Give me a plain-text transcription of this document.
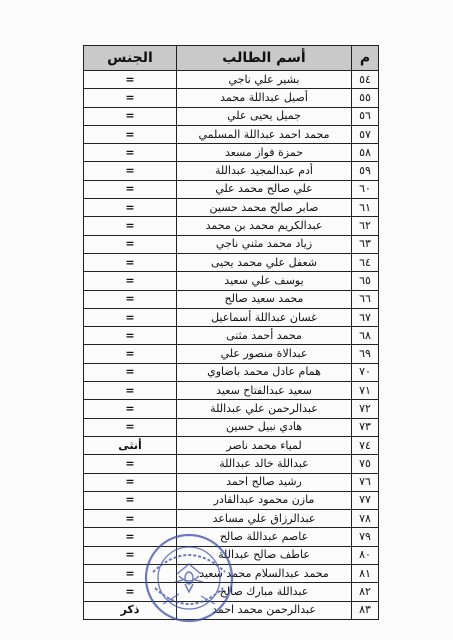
م	أسم الطالب	الجنس
٥٤	بشير علي ناجي	=
٥٥	أصيل عبداللة محمد	=
٥٦	جميل يحيى علي	=
٥٧	محمد احمد عبداللة المسلمي	=
٥٨	حمزة فواز مسعد	=
٥٩	أدم عبدالمجيد عبداللة	=
٦٠	علي صالح محمد علي	=
٦١	صابر صالح محمد حسين	=
٦٢	عبدالكريم محمد بن محمد	=
٦٣	زياد محمد مثني ناجي	=
٦٤	شعفل علي محمد يحيى	=
٦٥	يوسف علي سعيد	=
٦٦	محمد سعيد صالح	=
٦٧	غسان عبداللة أسماعيل	=
٦٨	محمد أحمد مثنى	=
٦٩	عبدالاة منصور علي	=
٧٠	همام عادل محمد باضاوي	=
٧١	سعيد عبدالفتاح سعيد	=
٧٢	عبدالرحمن علي عبداللة	=
٧٣	هادي نبيل حسين	=
٧٤	لمياء محمد ناصر	أنثى
٧٥	عبداللة خالد عبداللة	=
٧٦	رشيد صالح احمد	=
٧٧	مازن محمود عبدالقادر	=
٧٨	عبدالرزاق علي مساعد	=
٧٩	عاصم عبداللة صالح	=
٨٠	عاطف صالح عبداللة	=
٨١	محمد عبدالسلام محمد سعيد	=
٨٢	عبداللة مبارك صالح	=
٨٣	عبدالرحمن محمد احمد	ذكر
